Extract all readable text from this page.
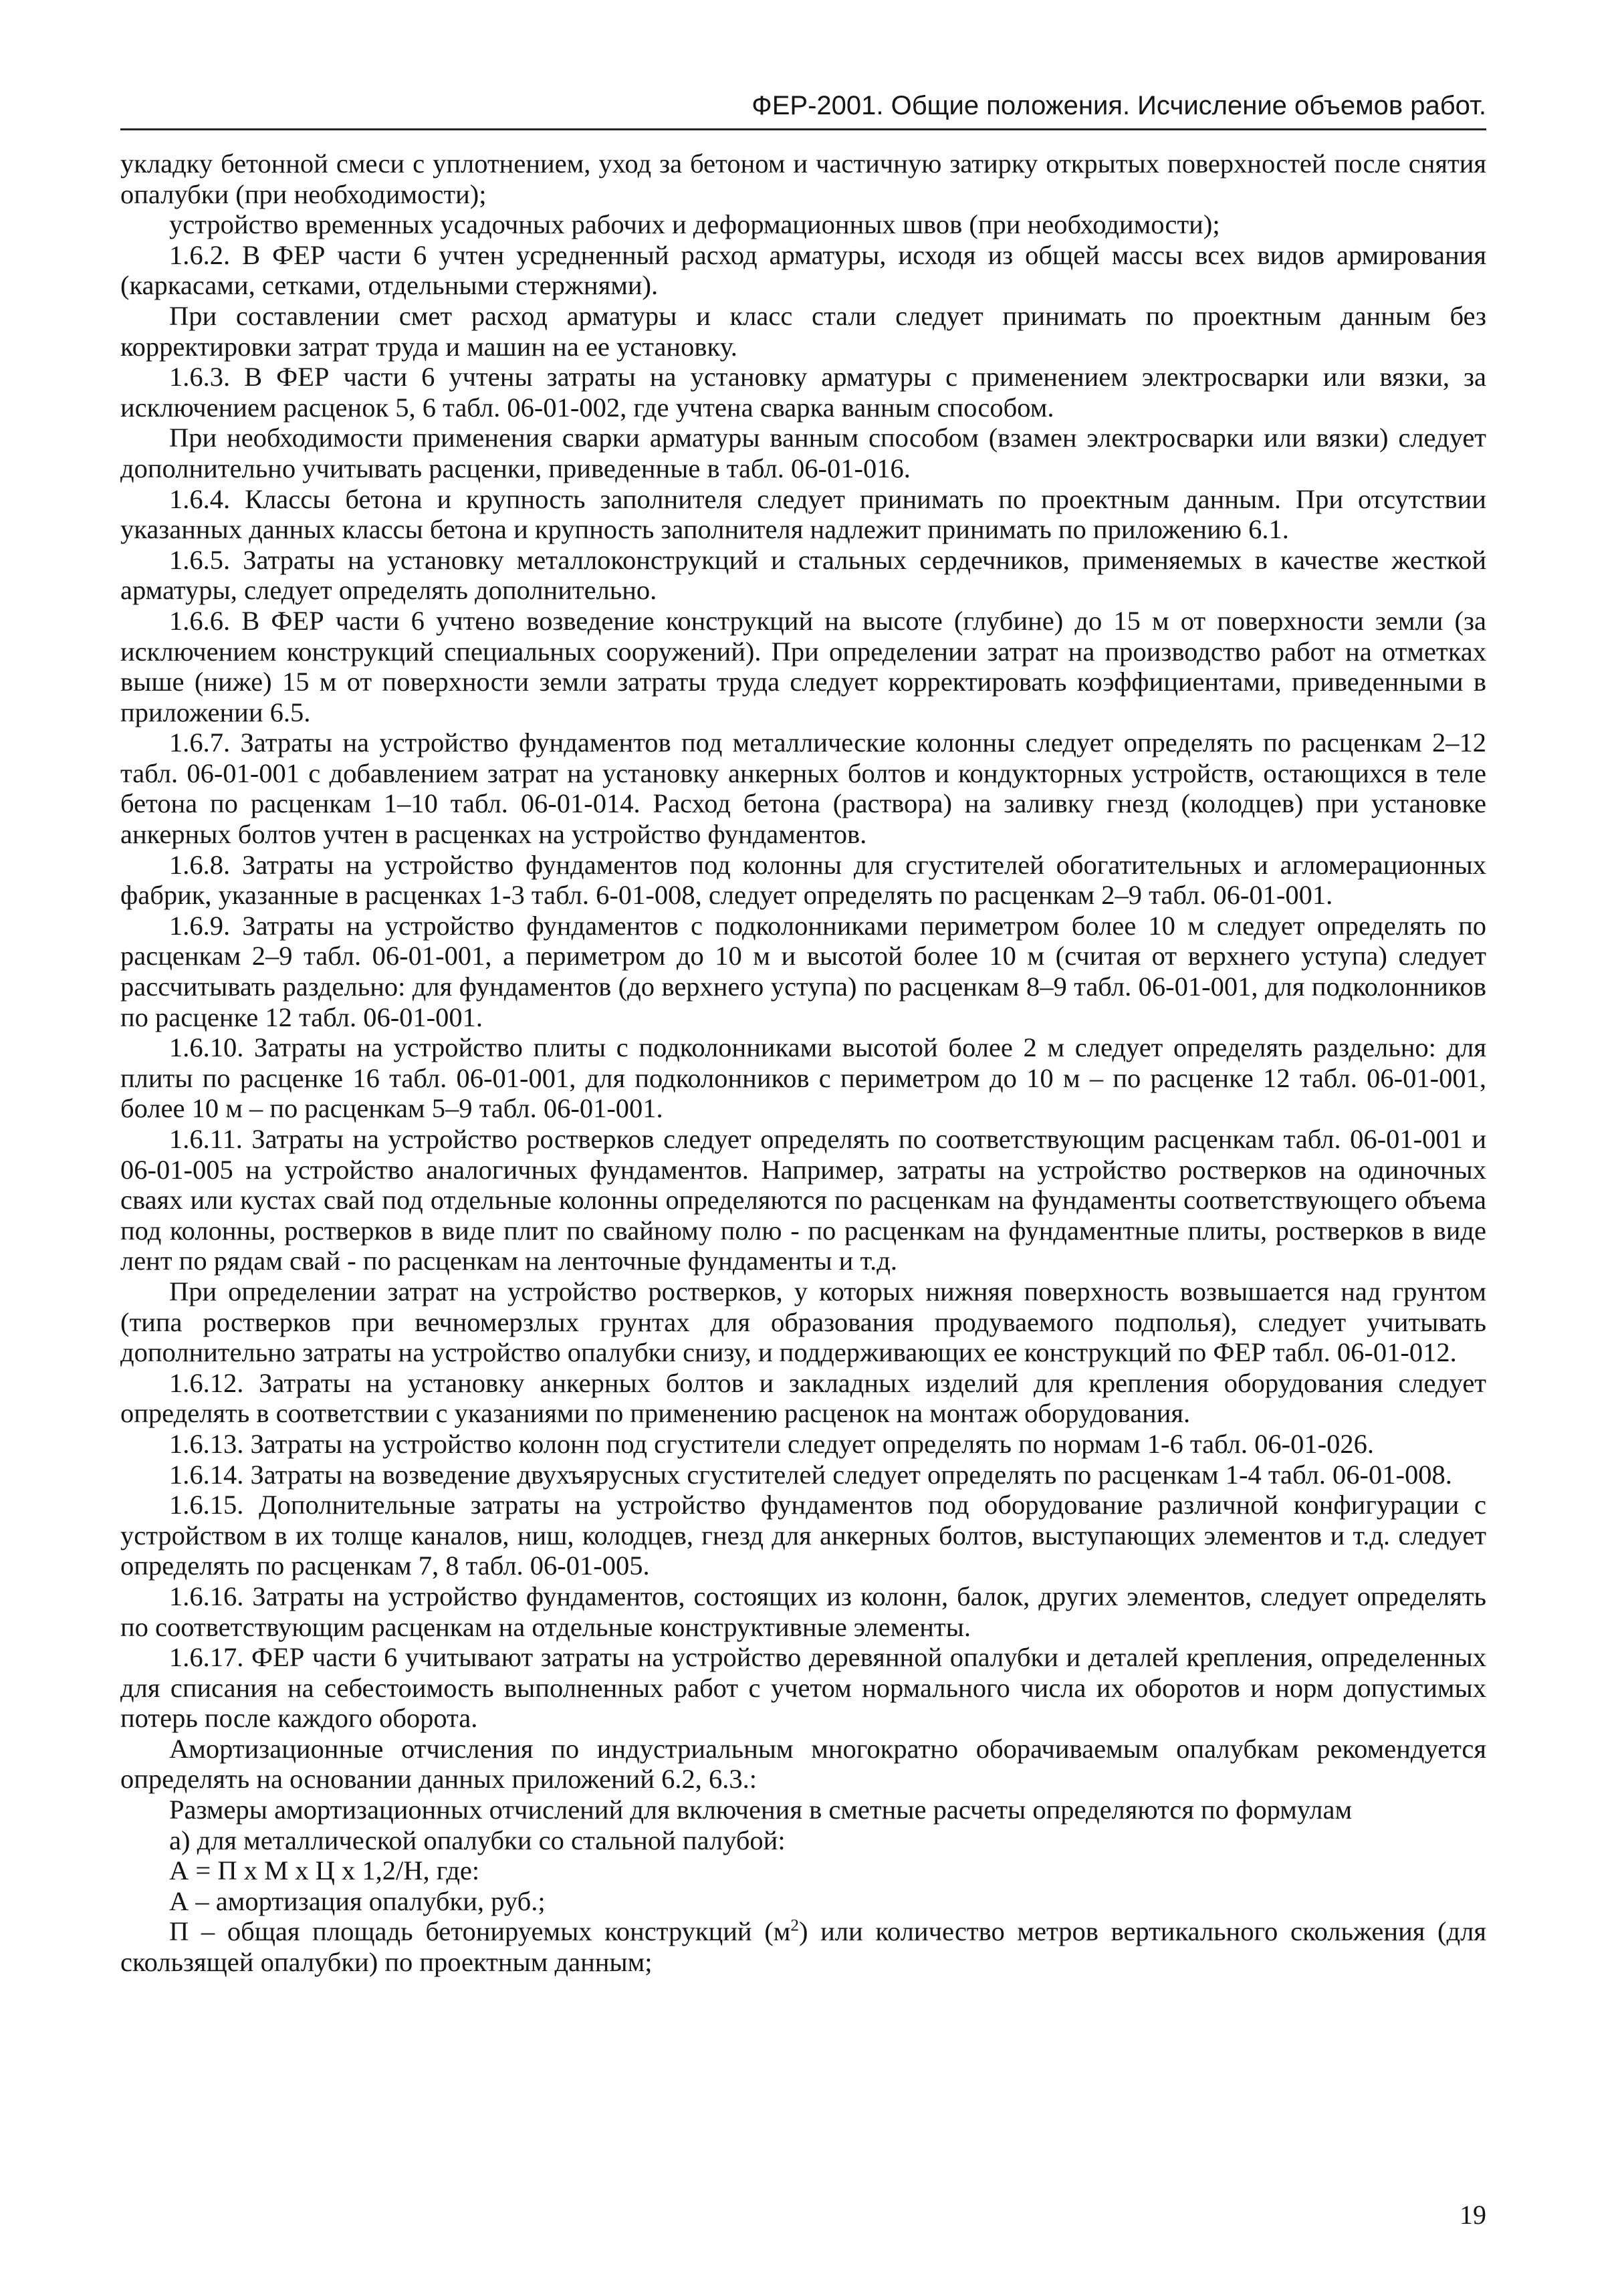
ФЕР-2001. Общие положения. Исчисление объемов работ.

укладку бетонной смеси с уплотнением, уход за бетоном и частичную затирку открытых поверхностей после снятия опалубки (при необходимости);

устройство временных усадочных рабочих и деформационных швов (при необходимости);

1.6.2. В ФЕР части 6 учтен усредненный расход арматуры, исходя из общей массы всех видов армирования (каркасами, сетками, отдельными стержнями).

При составлении смет расход арматуры и класс стали следует принимать по проектным данным без корректировки затрат труда и машин на ее установку.

1.6.3. В ФЕР части 6 учтены затраты на установку арматуры с применением электросварки или вязки, за исключением расценок 5, 6 табл. 06-01-002, где учтена сварка ванным способом.

При необходимости применения сварки арматуры ванным способом (взамен электросварки или вязки) следует дополнительно учитывать расценки, приведенные в табл. 06-01-016.

1.6.4. Классы бетона и крупность заполнителя следует принимать по проектным данным. При отсутствии указанных данных классы бетона и крупность заполнителя надлежит принимать по приложению 6.1.

1.6.5. Затраты на установку металлоконструкций и стальных сердечников, применяемых в качестве жесткой арматуры, следует определять дополнительно.

1.6.6. В ФЕР части 6 учтено возведение конструкций на высоте (глубине) до 15 м от поверхности земли (за исключением конструкций специальных сооружений). При определении затрат на производство работ на отметках выше (ниже) 15 м от поверхности земли затраты труда следует корректировать коэффициентами, приведенными в приложении 6.5.

1.6.7. Затраты на устройство фундаментов под металлические колонны следует определять по расценкам 2–12 табл. 06-01-001 с добавлением затрат на установку анкерных болтов и кондукторных устройств, остающихся в теле бетона по расценкам 1–10 табл. 06-01-014. Расход бетона (раствора) на заливку гнезд (колодцев) при установке анкерных болтов учтен в расценках на устройство фундаментов.

1.6.8. Затраты на устройство фундаментов под колонны для сгустителей обогатительных и агломерационных фабрик, указанные в расценках 1-3 табл. 6-01-008, следует определять по расценкам 2–9 табл. 06-01-001.

1.6.9. Затраты на устройство фундаментов с подколонниками периметром более 10 м следует определять по расценкам 2–9 табл. 06-01-001, а периметром до 10 м и высотой более 10 м (считая от верхнего уступа) следует рассчитывать раздельно: для фундаментов (до верхнего уступа) по расценкам 8–9 табл. 06-01-001, для подколонников по расценке 12 табл. 06-01-001.

1.6.10. Затраты на устройство плиты с подколонниками высотой более 2 м следует определять раздельно: для плиты по расценке 16 табл. 06-01-001, для подколонников с периметром до 10 м – по расценке 12 табл. 06-01-001, более 10 м – по расценкам 5–9 табл. 06-01-001.

1.6.11. Затраты на устройство ростверков следует определять по соответствующим расценкам табл. 06-01-001 и 06-01-005 на устройство аналогичных фундаментов. Например, затраты на устройство ростверков на одиночных сваях или кустах свай под отдельные колонны определяются по расценкам на фундаменты соответствующего объема под колонны, ростверков в виде плит по свайному полю - по расценкам на фундаментные плиты, ростверков в виде лент по рядам свай - по расценкам на ленточные фундаменты и т.д.

При определении затрат на устройство ростверков, у которых нижняя поверхность возвышается над грунтом (типа ростверков при вечномерзлых грунтах для образования продуваемого подполья), следует учитывать дополнительно затраты на устройство опалубки снизу, и поддерживающих ее конструкций по ФЕР табл. 06-01-012.

1.6.12. Затраты на установку анкерных болтов и закладных изделий для крепления оборудования следует определять в соответствии с указаниями по применению расценок на монтаж оборудования.

1.6.13. Затраты на устройство колонн под сгустители следует определять по нормам 1-6 табл. 06-01-026.

1.6.14. Затраты на возведение двухъярусных сгустителей следует определять по расценкам 1-4 табл. 06-01-008.

1.6.15. Дополнительные затраты на устройство фундаментов под оборудование различной конфигурации с устройством в их толще каналов, ниш, колодцев, гнезд для анкерных болтов, выступающих элементов и т.д. следует определять по расценкам 7, 8 табл. 06-01-005.

1.6.16. Затраты на устройство фундаментов, состоящих из колонн, балок, других элементов, следует определять по соответствующим расценкам на отдельные конструктивные элементы.

1.6.17. ФЕР части 6 учитывают затраты на устройство деревянной опалубки и деталей крепления, определенных для списания на себестоимость выполненных работ с учетом нормального числа их оборотов и норм допустимых потерь после каждого оборота.

Амортизационные отчисления по индустриальным многократно оборачиваемым опалубкам рекомендуется определять на основании данных приложений 6.2, 6.3.:

Размеры амортизационных отчислений для включения в сметные расчеты определяются по формулам

а) для металлической опалубки со стальной палубой:

А = П х М х Ц х 1,2/Н, где:

А – амортизация опалубки, руб.;

П – общая площадь бетонируемых конструкций $(м^2)$ или количество метров вертикального скольжения (для скользящей опалубки) по проектным данным;

19
